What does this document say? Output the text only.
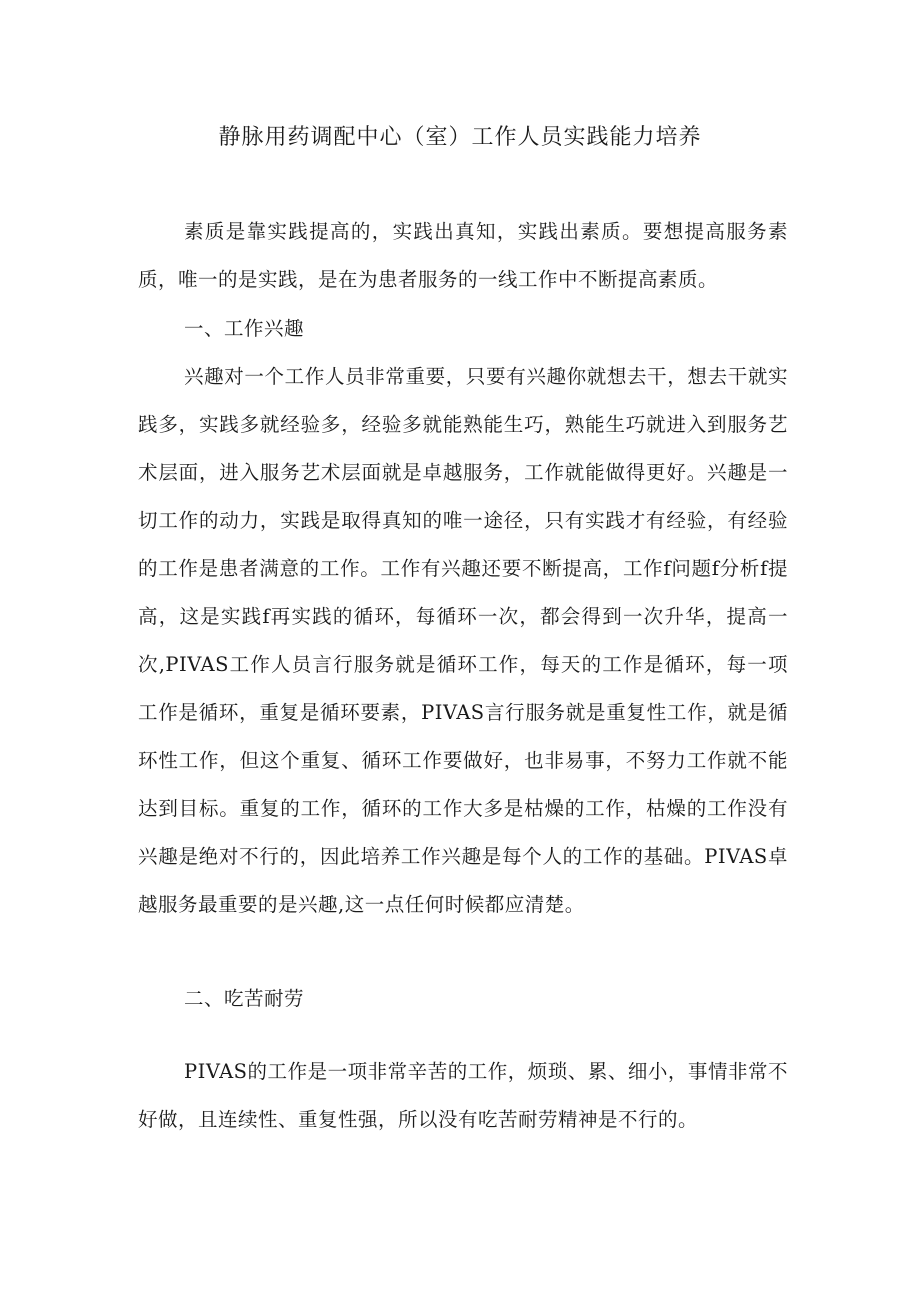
静脉用药调配中心（室）工作人员实践能力培养
素质是靠实践提高的，实践出真知，实践出素质。要想提高服务素质，唯一的是实践，是在为患者服务的一线工作中不断提高素质。
一、工作兴趣
兴趣对一个工作人员非常重要，只要有兴趣你就想去干，想去干就实践多，实践多就经验多，经验多就能熟能生巧，熟能生巧就进入到服务艺术层面，进入服务艺术层面就是卓越服务，工作就能做得更好。兴趣是一切工作的动力，实践是取得真知的唯一途径，只有实践才有经验，有经验的工作是患者满意的工作。工作有兴趣还要不断提高，工作f问题f分析f提高，这是实践f再实践的循环，每循环一次，都会得到一次升华，提高一次,PIVAS工作人员言行服务就是循环工作，每天的工作是循环，每一项工作是循环，重复是循环要素，PIVAS言行服务就是重复性工作，就是循环性工作，但这个重复、循环工作要做好，也非易事，不努力工作就不能达到目标。重复的工作，循环的工作大多是枯燥的工作，枯燥的工作没有兴趣是绝对不行的，因此培养工作兴趣是每个人的工作的基础。PIVAS卓越服务最重要的是兴趣,这一点任何时候都应清楚。
二、吃苦耐劳
PIVAS的工作是一项非常辛苦的工作，烦琐、累、细小，事情非常不好做，且连续性、重复性强，所以没有吃苦耐劳精神是不行的。
